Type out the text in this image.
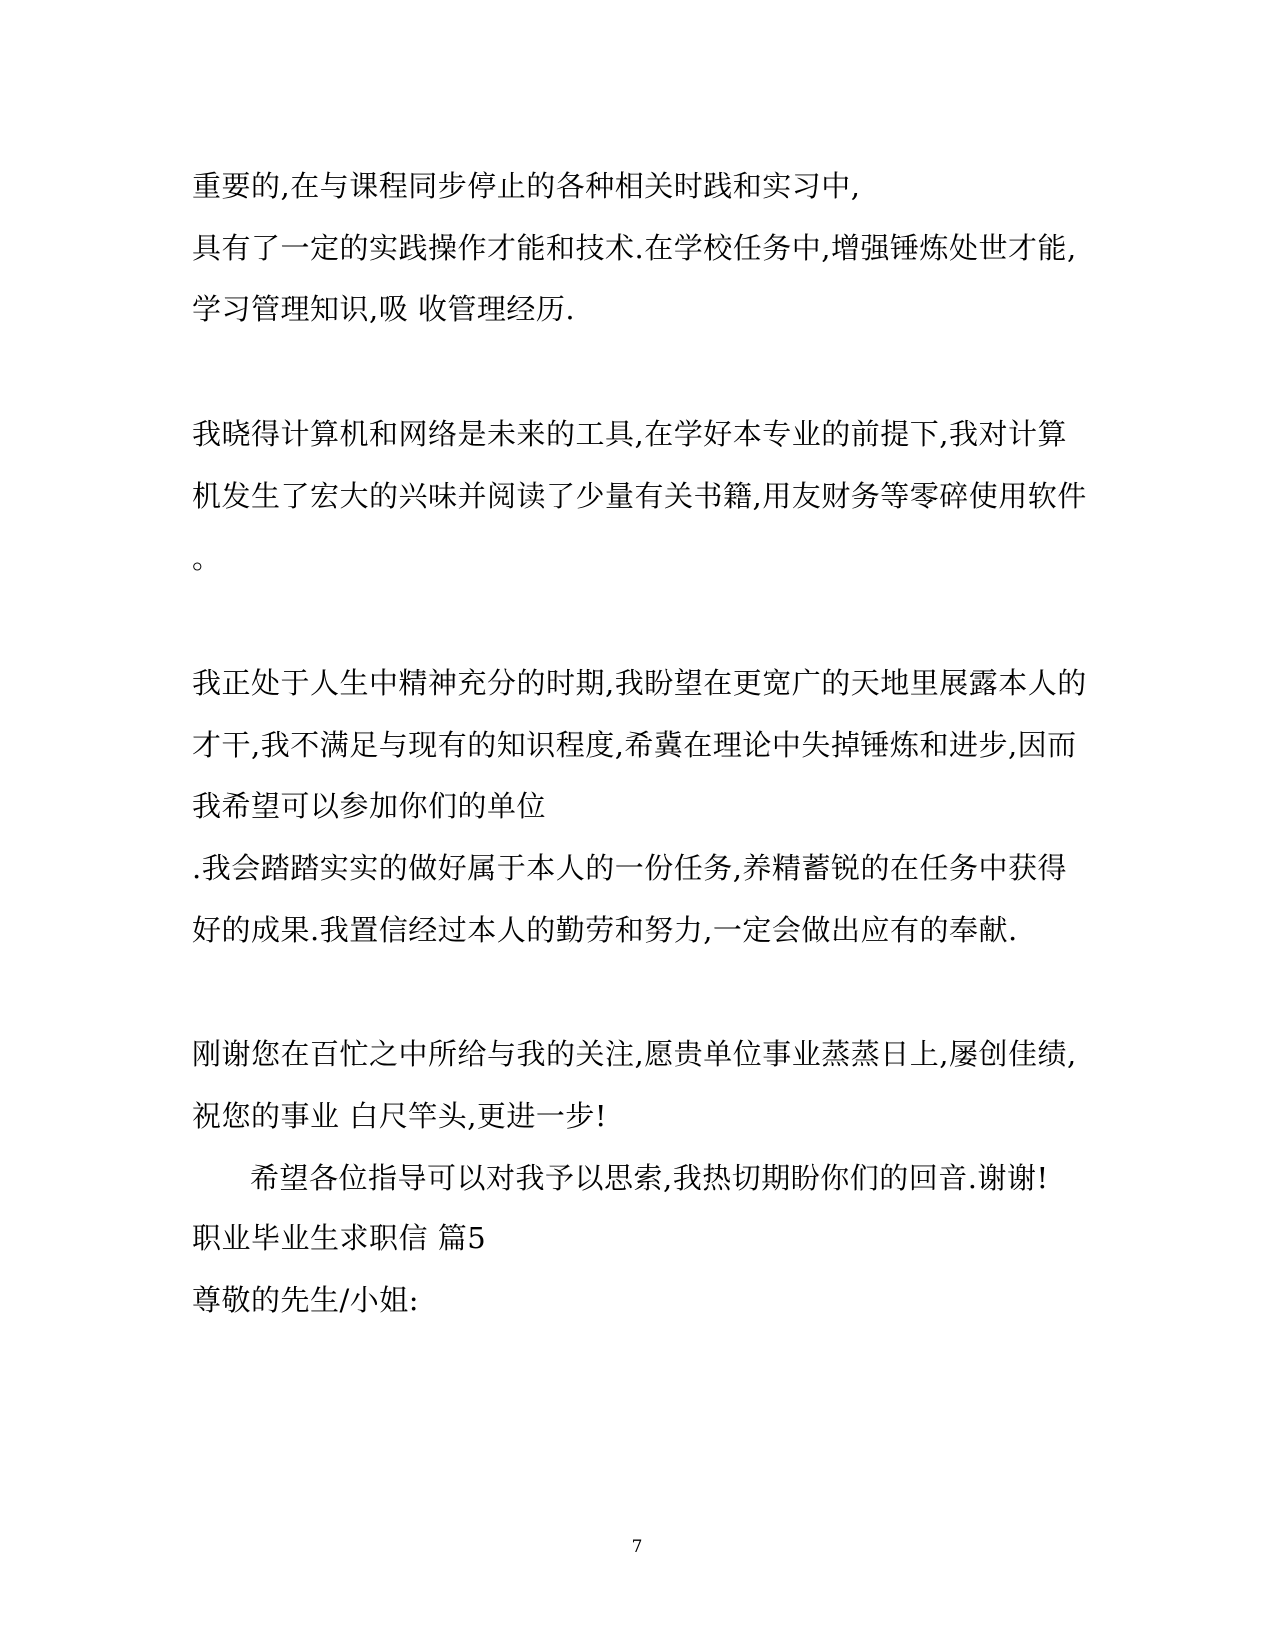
重要的,在与课程同步停止的各种相关时践和实习中,
具有了一定的实践操作才能和技术.在学校任务中,增强锤炼处世才能,
学习管理知识,吸 收管理经历.
我晓得计算机和网络是未来的工具,在学好本专业的前提下,我对计算
机发生了宏大的兴味并阅读了少量有关书籍,用友财务等零碎使用软件
。
我正处于人生中精神充分的时期,我盼望在更宽广的天地里展露本人的
才干,我不满足与现有的知识程度,希冀在理论中失掉锤炼和进步,因而
我希望可以参加你们的单位
.我会踏踏实实的做好属于本人的一份任务,养精蓄锐的在任务中获得
好的成果.我置信经过本人的勤劳和努力,一定会做出应有的奉献.
刚谢您在百忙之中所给与我的关注,愿贵单位事业蒸蒸日上,屡创佳绩,
祝您的事业 白尺竿头,更进一步!
希望各位指导可以对我予以思索,我热切期盼你们的回音.谢谢!
职业毕业生求职信 篇5
尊敬的先生/小姐:
7
